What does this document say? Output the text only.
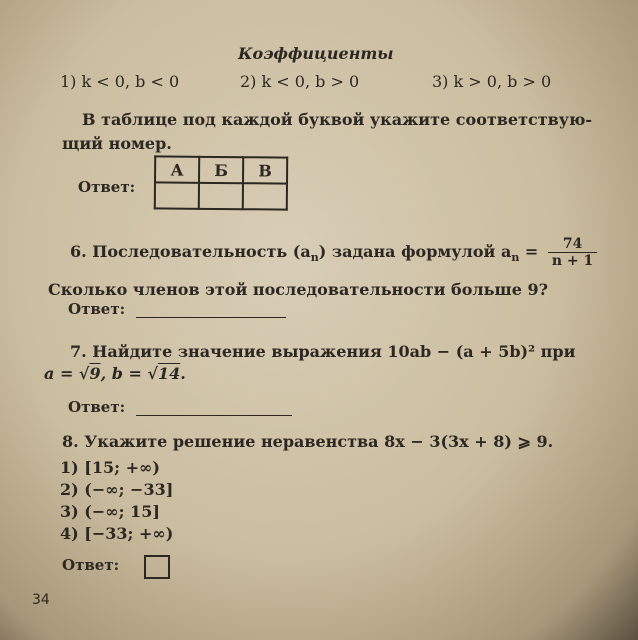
Коэффициенты
1) k < 0, b < 0	2) k < 0, b > 0	3) k > 0, b > 0
В таблице под каждой буквой укажите соответствую-
щий номер.
Ответ:
А	Б	В

6. Последовательность $(a_n)$ задана формулой $a_n = \frac{74}{n + 1}$
Сколько членов этой последовательности больше 9?
Ответ:
7. Найдите значение выражения 10ab − (a + 5b)² при
a = √9, b = √14.
Ответ:
8. Укажите решение неравенства 8x − 3(3x + 8) ⩾ 9.
1) [15; +∞)
2) (−∞; −33]
3) (−∞; 15]
4) [−33; +∞)
Ответ:
34
